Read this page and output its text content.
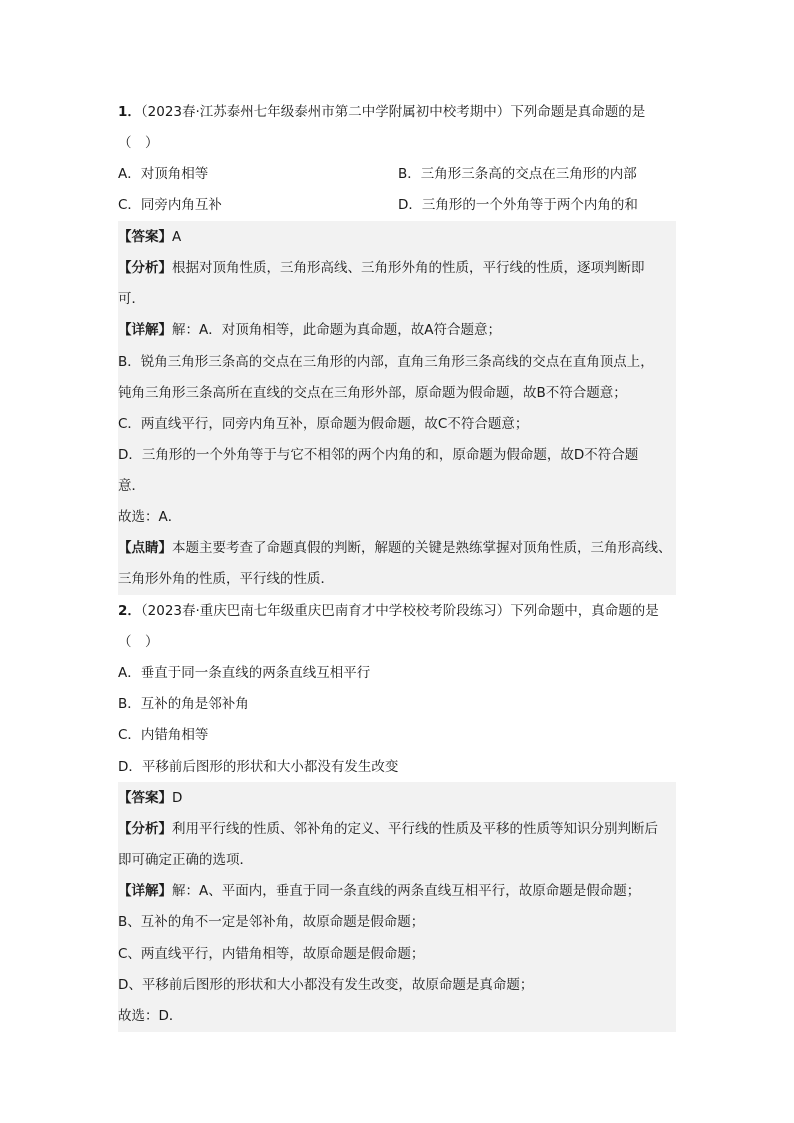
1．（2023春·江苏泰州七年级泰州市第二中学附属初中校考期中）下列命题是真命题的是
（　）
A．对顶角相等	B．三角形三条高的交点在三角形的内部
C．同旁内角互补	D．三角形的一个外角等于两个内角的和
【答案】A
【分析】根据对顶角性质，三角形高线、三角形外角的性质，平行线的性质，逐项判断即
可．
【详解】解：A．对顶角相等，此命题为真命题，故A符合题意；
B．锐角三角形三条高的交点在三角形的内部，直角三角形三条高线的交点在直角顶点上，
钝角三角形三条高所在直线的交点在三角形外部，原命题为假命题，故B不符合题意；
C．两直线平行，同旁内角互补，原命题为假命题，故C不符合题意；
D．三角形的一个外角等于与它不相邻的两个内角的和，原命题为假命题，故D不符合题
意．
故选：A．
【点睛】本题主要考查了命题真假的判断，解题的关键是熟练掌握对顶角性质，三角形高线、
三角形外角的性质，平行线的性质．
2．（2023春·重庆巴南七年级重庆巴南育才中学校校考阶段练习）下列命题中，真命题的是
（　）
A．垂直于同一条直线的两条直线互相平行
B．互补的角是邻补角
C．内错角相等
D．平移前后图形的形状和大小都没有发生改变
【答案】D
【分析】利用平行线的性质、邻补角的定义、平行线的性质及平移的性质等知识分别判断后
即可确定正确的选项．
【详解】解：A、平面内，垂直于同一条直线的两条直线互相平行，故原命题是假命题；
B、互补的角不一定是邻补角，故原命题是假命题；
C、两直线平行，内错角相等，故原命题是假命题；
D、平移前后图形的形状和大小都没有发生改变，故原命题是真命题；
故选：D．
